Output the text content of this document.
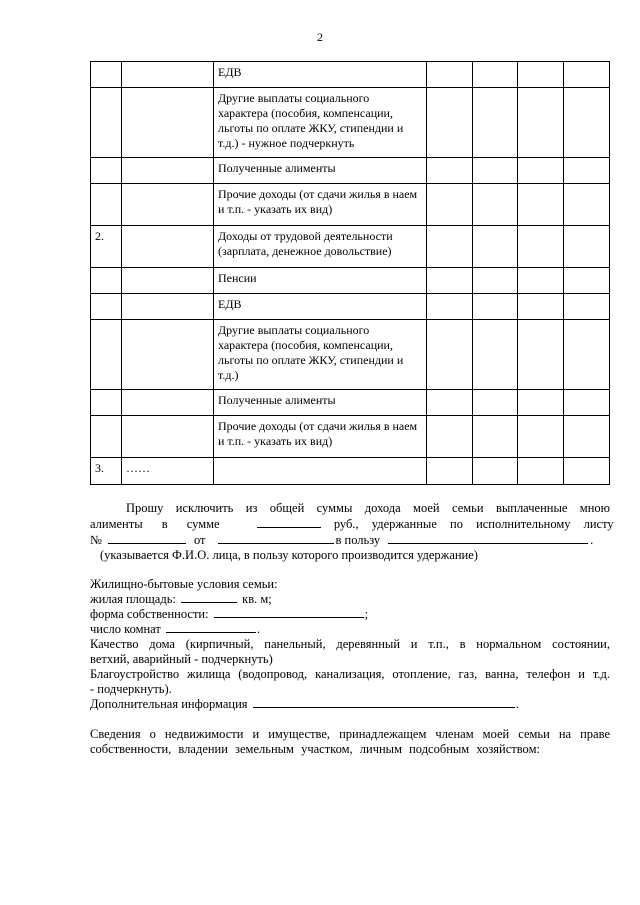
2
		ЕДВ				
		Другие выплаты социального характера (пособия, компенсации, льготы по оплате ЖКУ, стипендии и т.д.) - нужное подчеркнуть				
		Полученные алименты				
		Прочие доходы (от сдачи жилья в наем и т.п. - указать их вид)				
2.		Доходы от трудовой деятельности (зарплата, денежное довольствие)				
		Пенсии				
		ЕДВ				
		Другие выплаты социального характера (пособия, компенсации, льготы по оплате ЖКУ, стипендии и т.д.)				
		Полученные алименты				
		Прочие доходы (от сдачи жилья в наем и т.п. - указать их вид)				
3.	……					
Прошу исключить из общей суммы дохода моей семьи выплаченные мною
алименты в сумме	руб., удержанные по исполнительному листу
№	от	в пользу	.
(указывается Ф.И.О. лица, в пользу которого производится удержание)
Жилищно-бытовые условия семьи:
жилая площадь:	кв. м;
форма собственности:	;
число комнат	.
Качество дома (кирпичный, панельный, деревянный и т.п., в нормальном состоянии,
ветхий, аварийный - подчеркнуть)
Благоустройство жилища (водопровод, канализация, отопление, газ, ванна, телефон и т.д.
- подчеркнуть).
Дополнительная информация	.
Сведения о недвижимости и имуществе, принадлежащем членам моей семьи на праве
собственности, владении земельным участком, личным подсобным хозяйством:
